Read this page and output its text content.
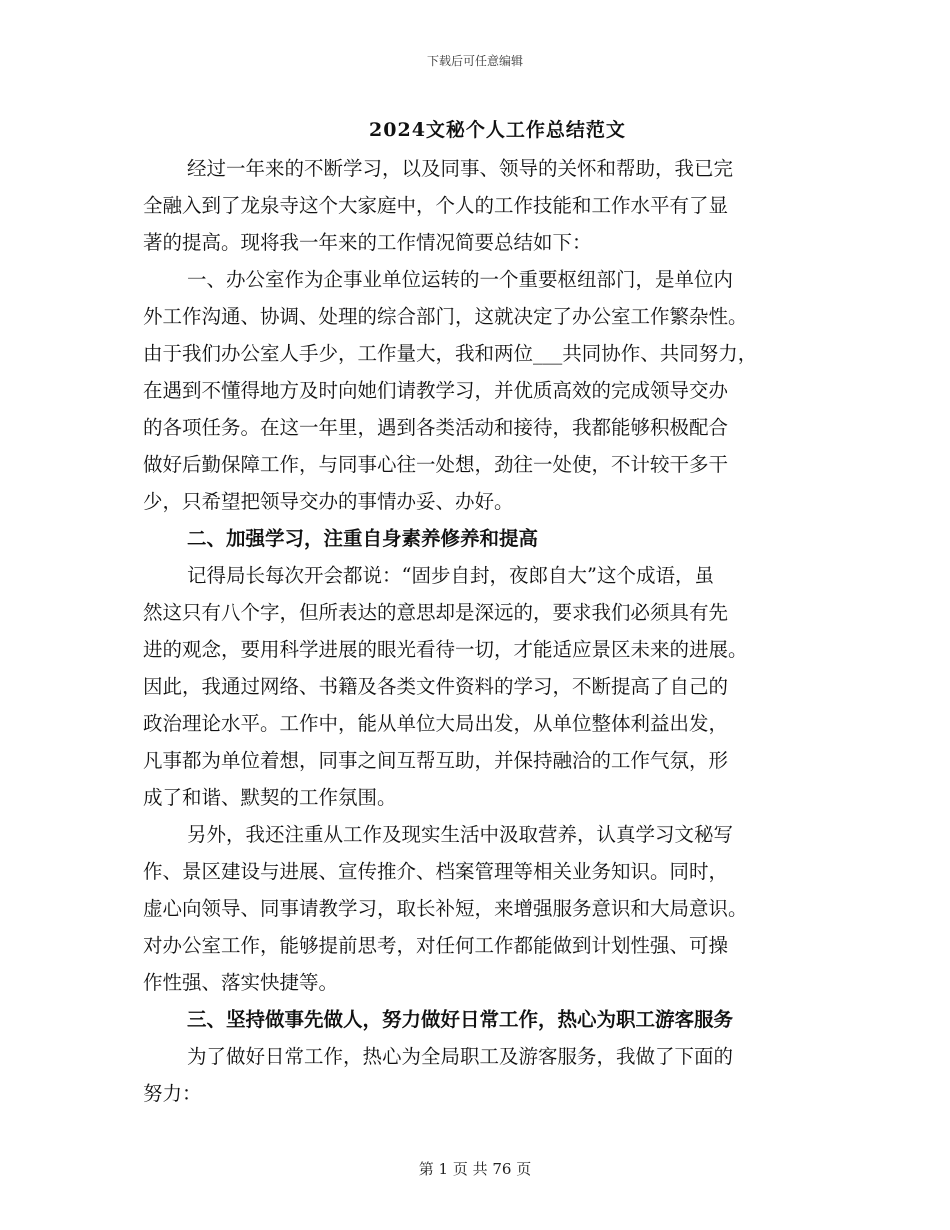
下载后可任意编辑
2024文秘个人工作总结范文
经过一年来的不断学习，以及同事、领导的关怀和帮助，我已完
全融入到了龙泉寺这个大家庭中，个人的工作技能和工作水平有了显
著的提高。现将我一年来的工作情况简要总结如下：
一、办公室作为企事业单位运转的一个重要枢纽部门，是单位内
外工作沟通、协调、处理的综合部门，这就决定了办公室工作繁杂性。
由于我们办公室人手少，工作量大，我和两位___共同协作、共同努力，
在遇到不懂得地方及时向她们请教学习，并优质高效的完成领导交办
的各项任务。在这一年里，遇到各类活动和接待，我都能够积极配合
做好后勤保障工作，与同事心往一处想，劲往一处使，不计较干多干
少，只希望把领导交办的事情办妥、办好。
二、加强学习，注重自身素养修养和提高
记得局长每次开会都说：“固步自封，夜郎自大”这个成语，虽
然这只有八个字，但所表达的意思却是深远的，要求我们必须具有先
进的观念，要用科学进展的眼光看待一切，才能适应景区未来的进展。
因此，我通过网络、书籍及各类文件资料的学习，不断提高了自己的
政治理论水平。工作中，能从单位大局出发，从单位整体利益出发，
凡事都为单位着想，同事之间互帮互助，并保持融洽的工作气氛，形
成了和谐、默契的工作氛围。
另外，我还注重从工作及现实生活中汲取营养，认真学习文秘写
作、景区建设与进展、宣传推介、档案管理等相关业务知识。同时，
虚心向领导、同事请教学习，取长补短，来增强服务意识和大局意识。
对办公室工作，能够提前思考，对任何工作都能做到计划性强、可操
作性强、落实快捷等。
三、坚持做事先做人，努力做好日常工作，热心为职工游客服务
为了做好日常工作，热心为全局职工及游客服务，我做了下面的
努力：
第 1 页 共 76 页
